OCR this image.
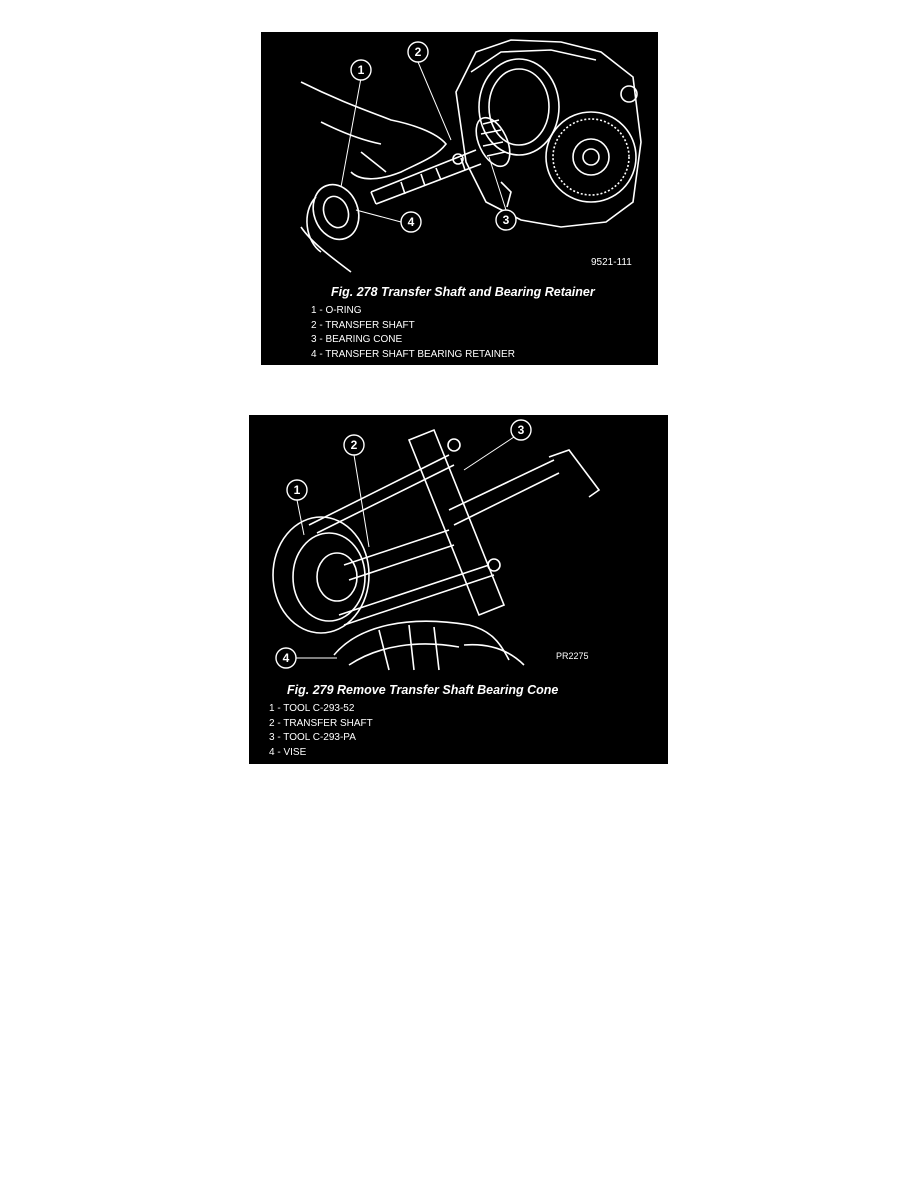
1
2
3
4
9521-111
Fig. 278 Transfer Shaft and Bearing Retainer
1 - O-RING
2 - TRANSFER SHAFT
3 - BEARING CONE
4 - TRANSFER SHAFT BEARING RETAINER
1
2
3
4	PR2275
Fig. 279 Remove Transfer Shaft Bearing Cone
1 - TOOL C-293-52
2 - TRANSFER SHAFT
3 - TOOL C-293-PA
4 - VISE
